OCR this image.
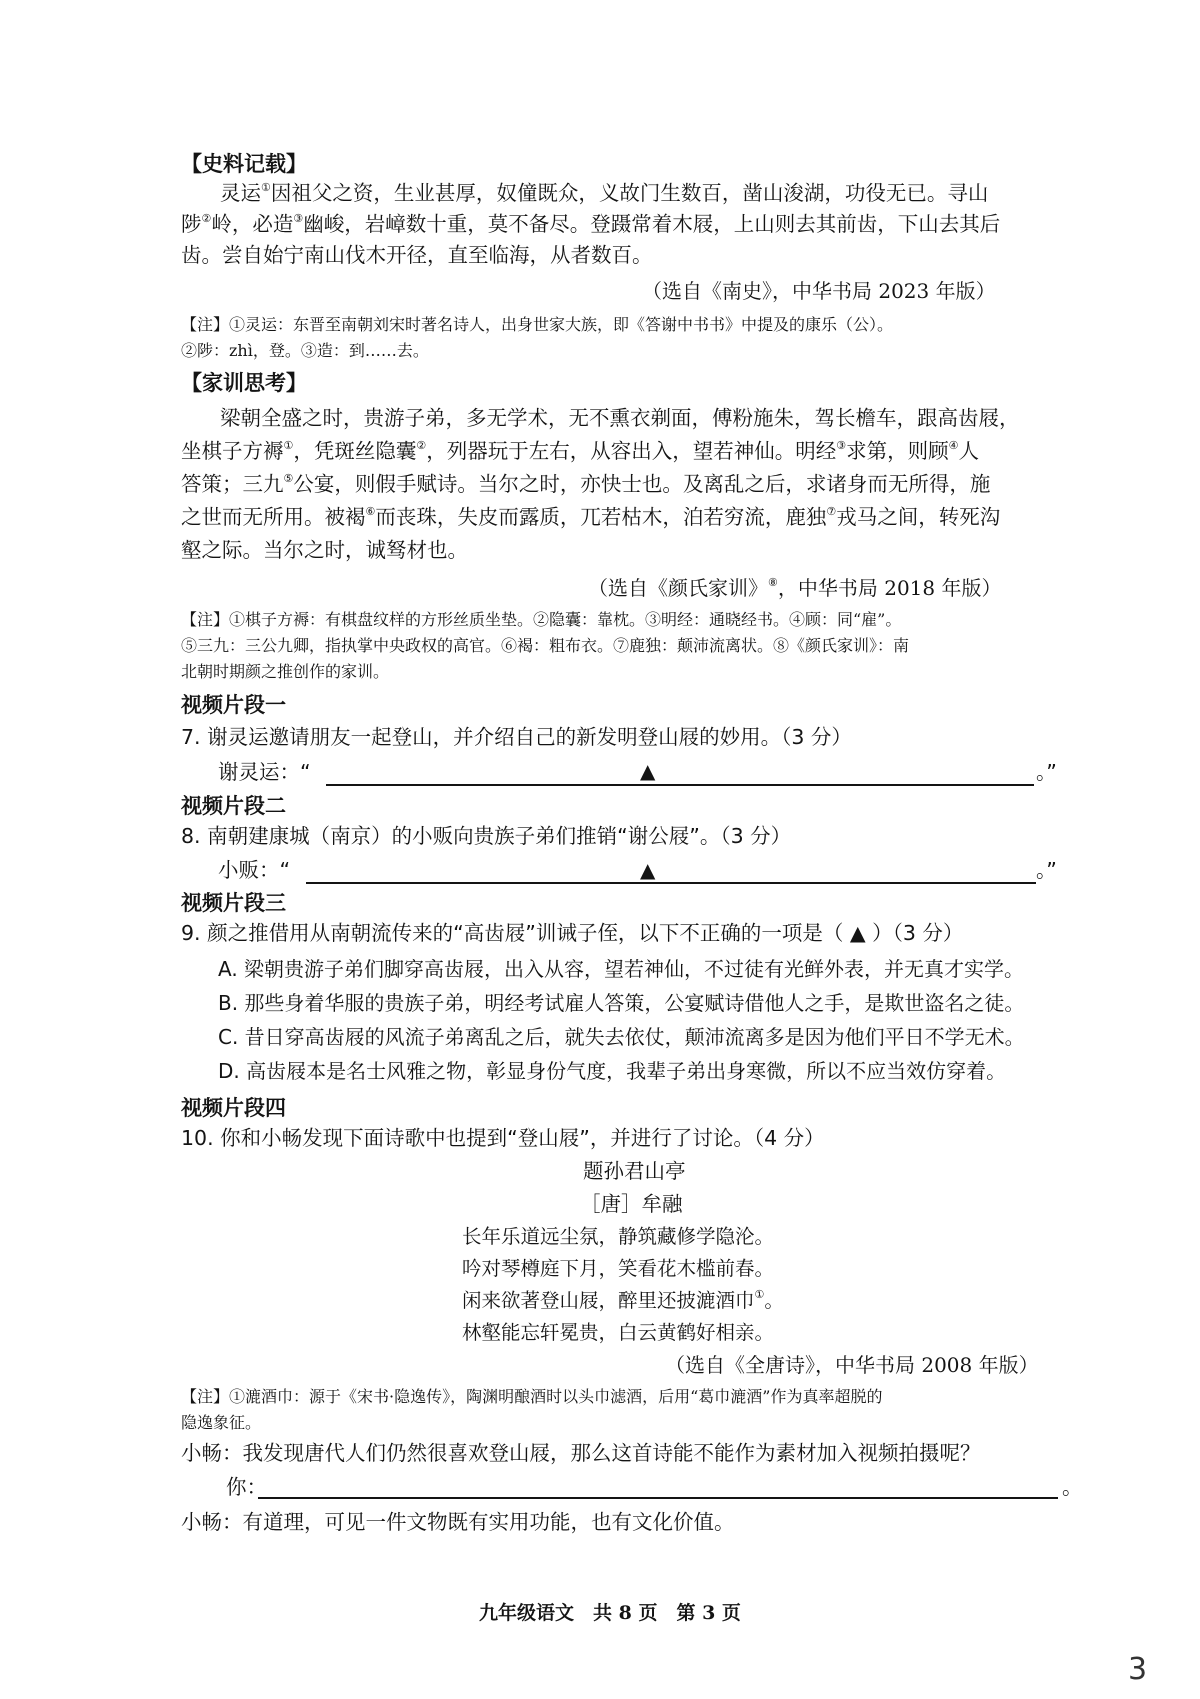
【史料记载】
灵运①因祖父之资，生业甚厚，奴僮既众，义故门生数百，凿山浚湖，功役无已。寻山
陟②岭，必造③幽峻，岩嶂数十重，莫不备尽。登蹑常着木屐，上山则去其前齿，下山去其后
齿。尝自始宁南山伐木开径，直至临海，从者数百。
（选自《南史》，中华书局 2023 年版）
【注】①灵运：东晋至南朝刘宋时著名诗人，出身世家大族，即《答谢中书书》中提及的康乐（公）。
②陟：zhì，登。③造：到……去。
【家训思考】
梁朝全盛之时，贵游子弟，多无学术，无不熏衣剃面，傅粉施朱，驾长檐车，跟高齿屐，
坐棋子方褥①，凭斑丝隐囊②，列器玩于左右，从容出入，望若神仙。明经③求第，则顾④人
答策；三九⑤公宴，则假手赋诗。当尔之时，亦快士也。及离乱之后，求诸身而无所得，施
之世而无所用。被褐⑥而丧珠，失皮而露质，兀若枯木，泊若穷流，鹿独⑦戎马之间，转死沟
壑之际。当尔之时，诚驽材也。
（选自《颜氏家训》⑧，中华书局 2018 年版）
【注】①棋子方褥：有棋盘纹样的方形丝质坐垫。②隐囊：靠枕。③明经：通晓经书。④顾：同“雇”。
⑤三九：三公九卿，指执掌中央政权的高官。⑥褐：粗布衣。⑦鹿独：颠沛流离状。⑧《颜氏家训》：南
北朝时期颜之推创作的家训。
视频片段一
7. 谢灵运邀请朋友一起登山，并介绍自己的新发明登山屐的妙用。（3 分）
谢灵运：“	▲	。”
视频片段二
8. 南朝建康城（南京）的小贩向贵族子弟们推销“谢公屐”。（3 分）
小贩：“	▲	。”
视频片段三
9. 颜之推借用从南朝流传来的“高齿屐”训诫子侄，以下不正确的一项是（ ▲ ）（3 分）
A. 梁朝贵游子弟们脚穿高齿屐，出入从容，望若神仙，不过徒有光鲜外表，并无真才实学。
B. 那些身着华服的贵族子弟，明经考试雇人答策，公宴赋诗借他人之手，是欺世盗名之徒。
C. 昔日穿高齿屐的风流子弟离乱之后，就失去依仗，颠沛流离多是因为他们平日不学无术。
D. 高齿屐本是名士风雅之物，彰显身份气度，我辈子弟出身寒微，所以不应当效仿穿着。
视频片段四
10. 你和小畅发现下面诗歌中也提到“登山屐”，并进行了讨论。（4 分）
题孙君山亭
［唐］牟融
长年乐道远尘氛，静筑藏修学隐沦。
吟对琴樽庭下月，笑看花木槛前春。
闲来欲著登山屐，醉里还披漉酒巾①。
林壑能忘轩冕贵，白云黄鹤好相亲。
（选自《全唐诗》，中华书局 2008 年版）
【注】①漉酒巾：源于《宋书·隐逸传》，陶渊明酿酒时以头巾滤酒，后用“葛巾漉酒”作为真率超脱的
隐逸象征。
小畅：我发现唐代人们仍然很喜欢登山屐，那么这首诗能不能作为素材加入视频拍摄呢？
你：	。
小畅：有道理，可见一件文物既有实用功能，也有文化价值。
九年级语文　共 8 页　第 3 页
3
